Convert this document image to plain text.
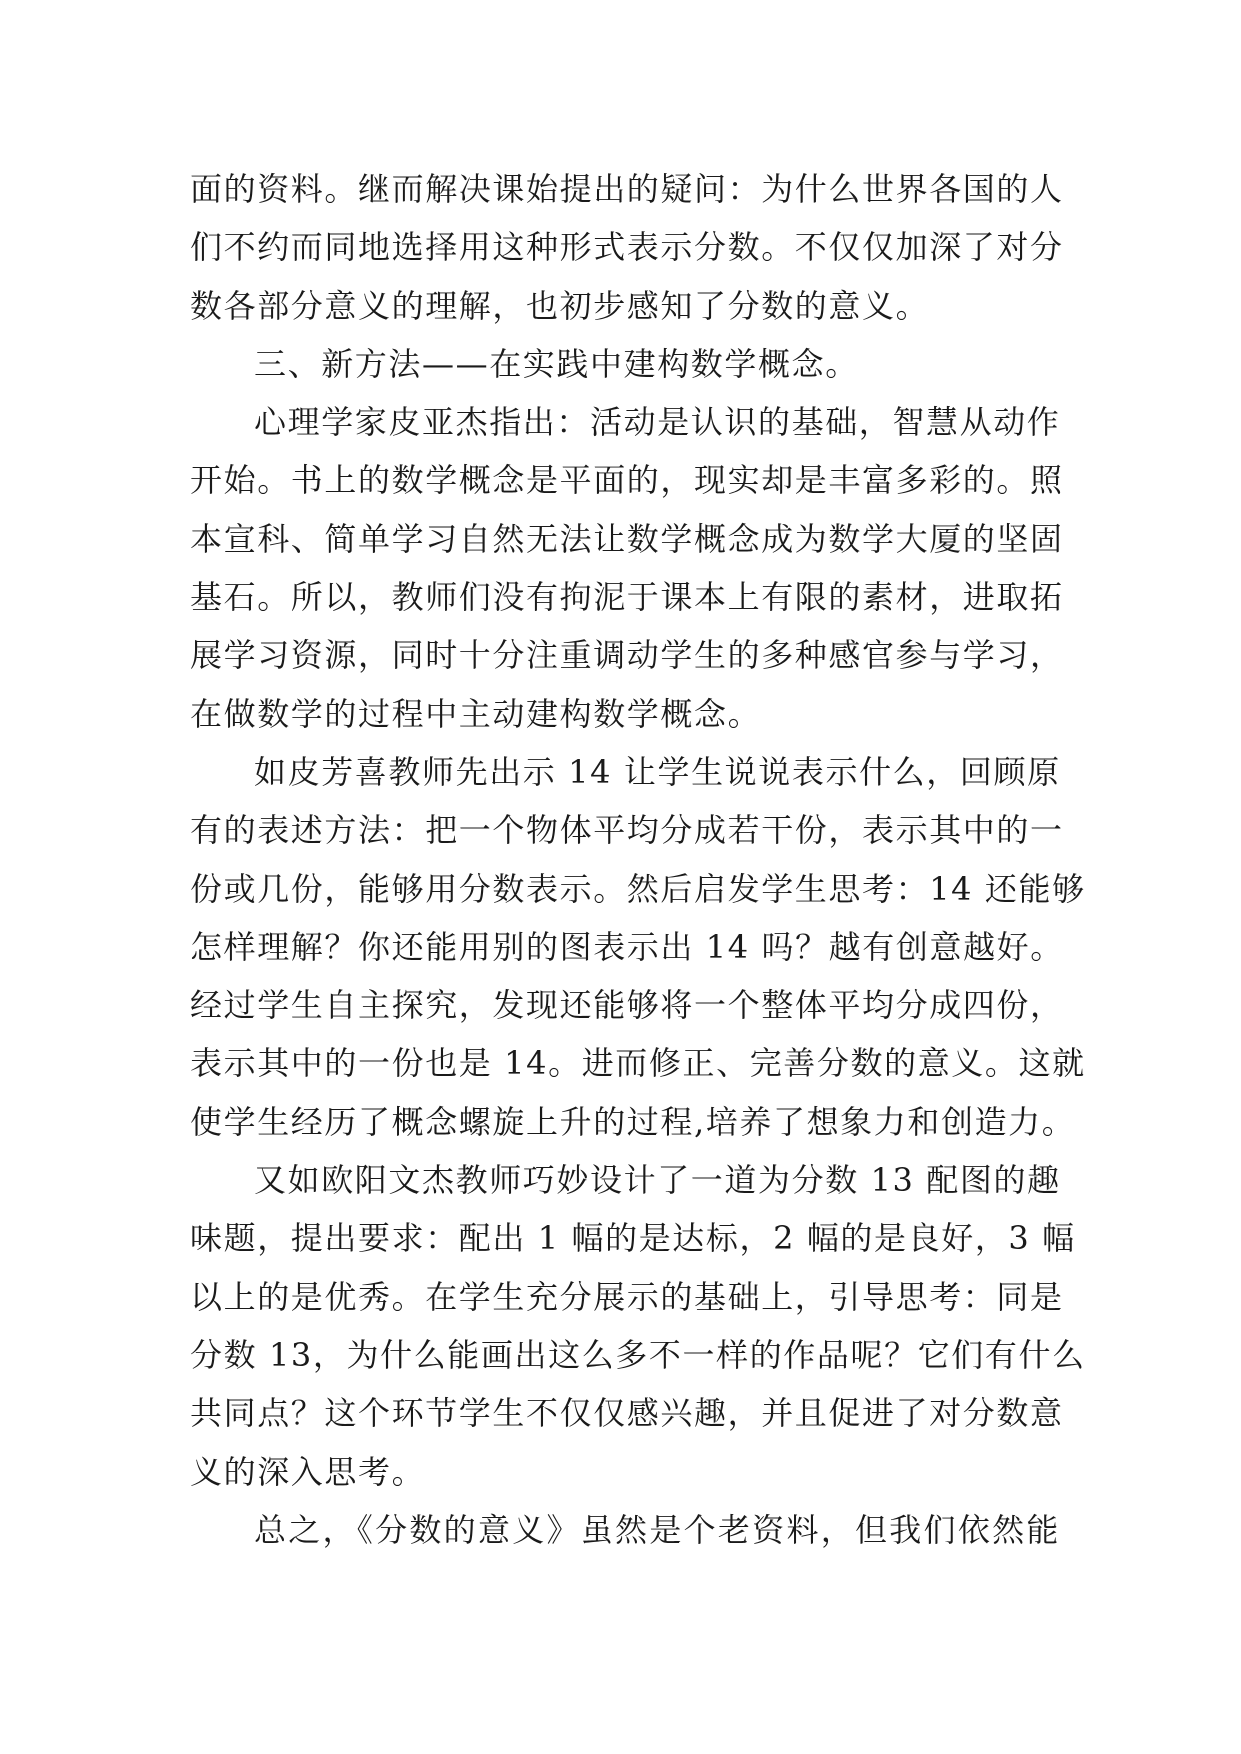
面的资料。继而解决课始提出的疑问：为什么世界各国的人
们不约而同地选择用这种形式表示分数。不仅仅加深了对分
数各部分意义的理解，也初步感知了分数的意义。
三、新方法——在实践中建构数学概念。
心理学家皮亚杰指出：活动是认识的基础，智慧从动作
开始。书上的数学概念是平面的，现实却是丰富多彩的。照
本宣科、简单学习自然无法让数学概念成为数学大厦的坚固
基石。所以，教师们没有拘泥于课本上有限的素材，进取拓
展学习资源，同时十分注重调动学生的多种感官参与学习，
在做数学的过程中主动建构数学概念。
如皮芳喜教师先出示 14 让学生说说表示什么，回顾原
有的表述方法：把一个物体平均分成若干份，表示其中的一
份或几份，能够用分数表示。然后启发学生思考：14 还能够
怎样理解？你还能用别的图表示出 14 吗？越有创意越好。
经过学生自主探究，发现还能够将一个整体平均分成四份，
表示其中的一份也是 14。进而修正、完善分数的意义。这就
使学生经历了概念螺旋上升的过程,培养了想象力和创造力。
又如欧阳文杰教师巧妙设计了一道为分数 13 配图的趣
味题，提出要求：配出 1 幅的是达标，2 幅的是良好，3 幅
以上的是优秀。在学生充分展示的基础上，引导思考：同是
分数 13，为什么能画出这么多不一样的作品呢？它们有什么
共同点？这个环节学生不仅仅感兴趣，并且促进了对分数意
义的深入思考。
总之，《分数的意义》虽然是个老资料，但我们依然能
